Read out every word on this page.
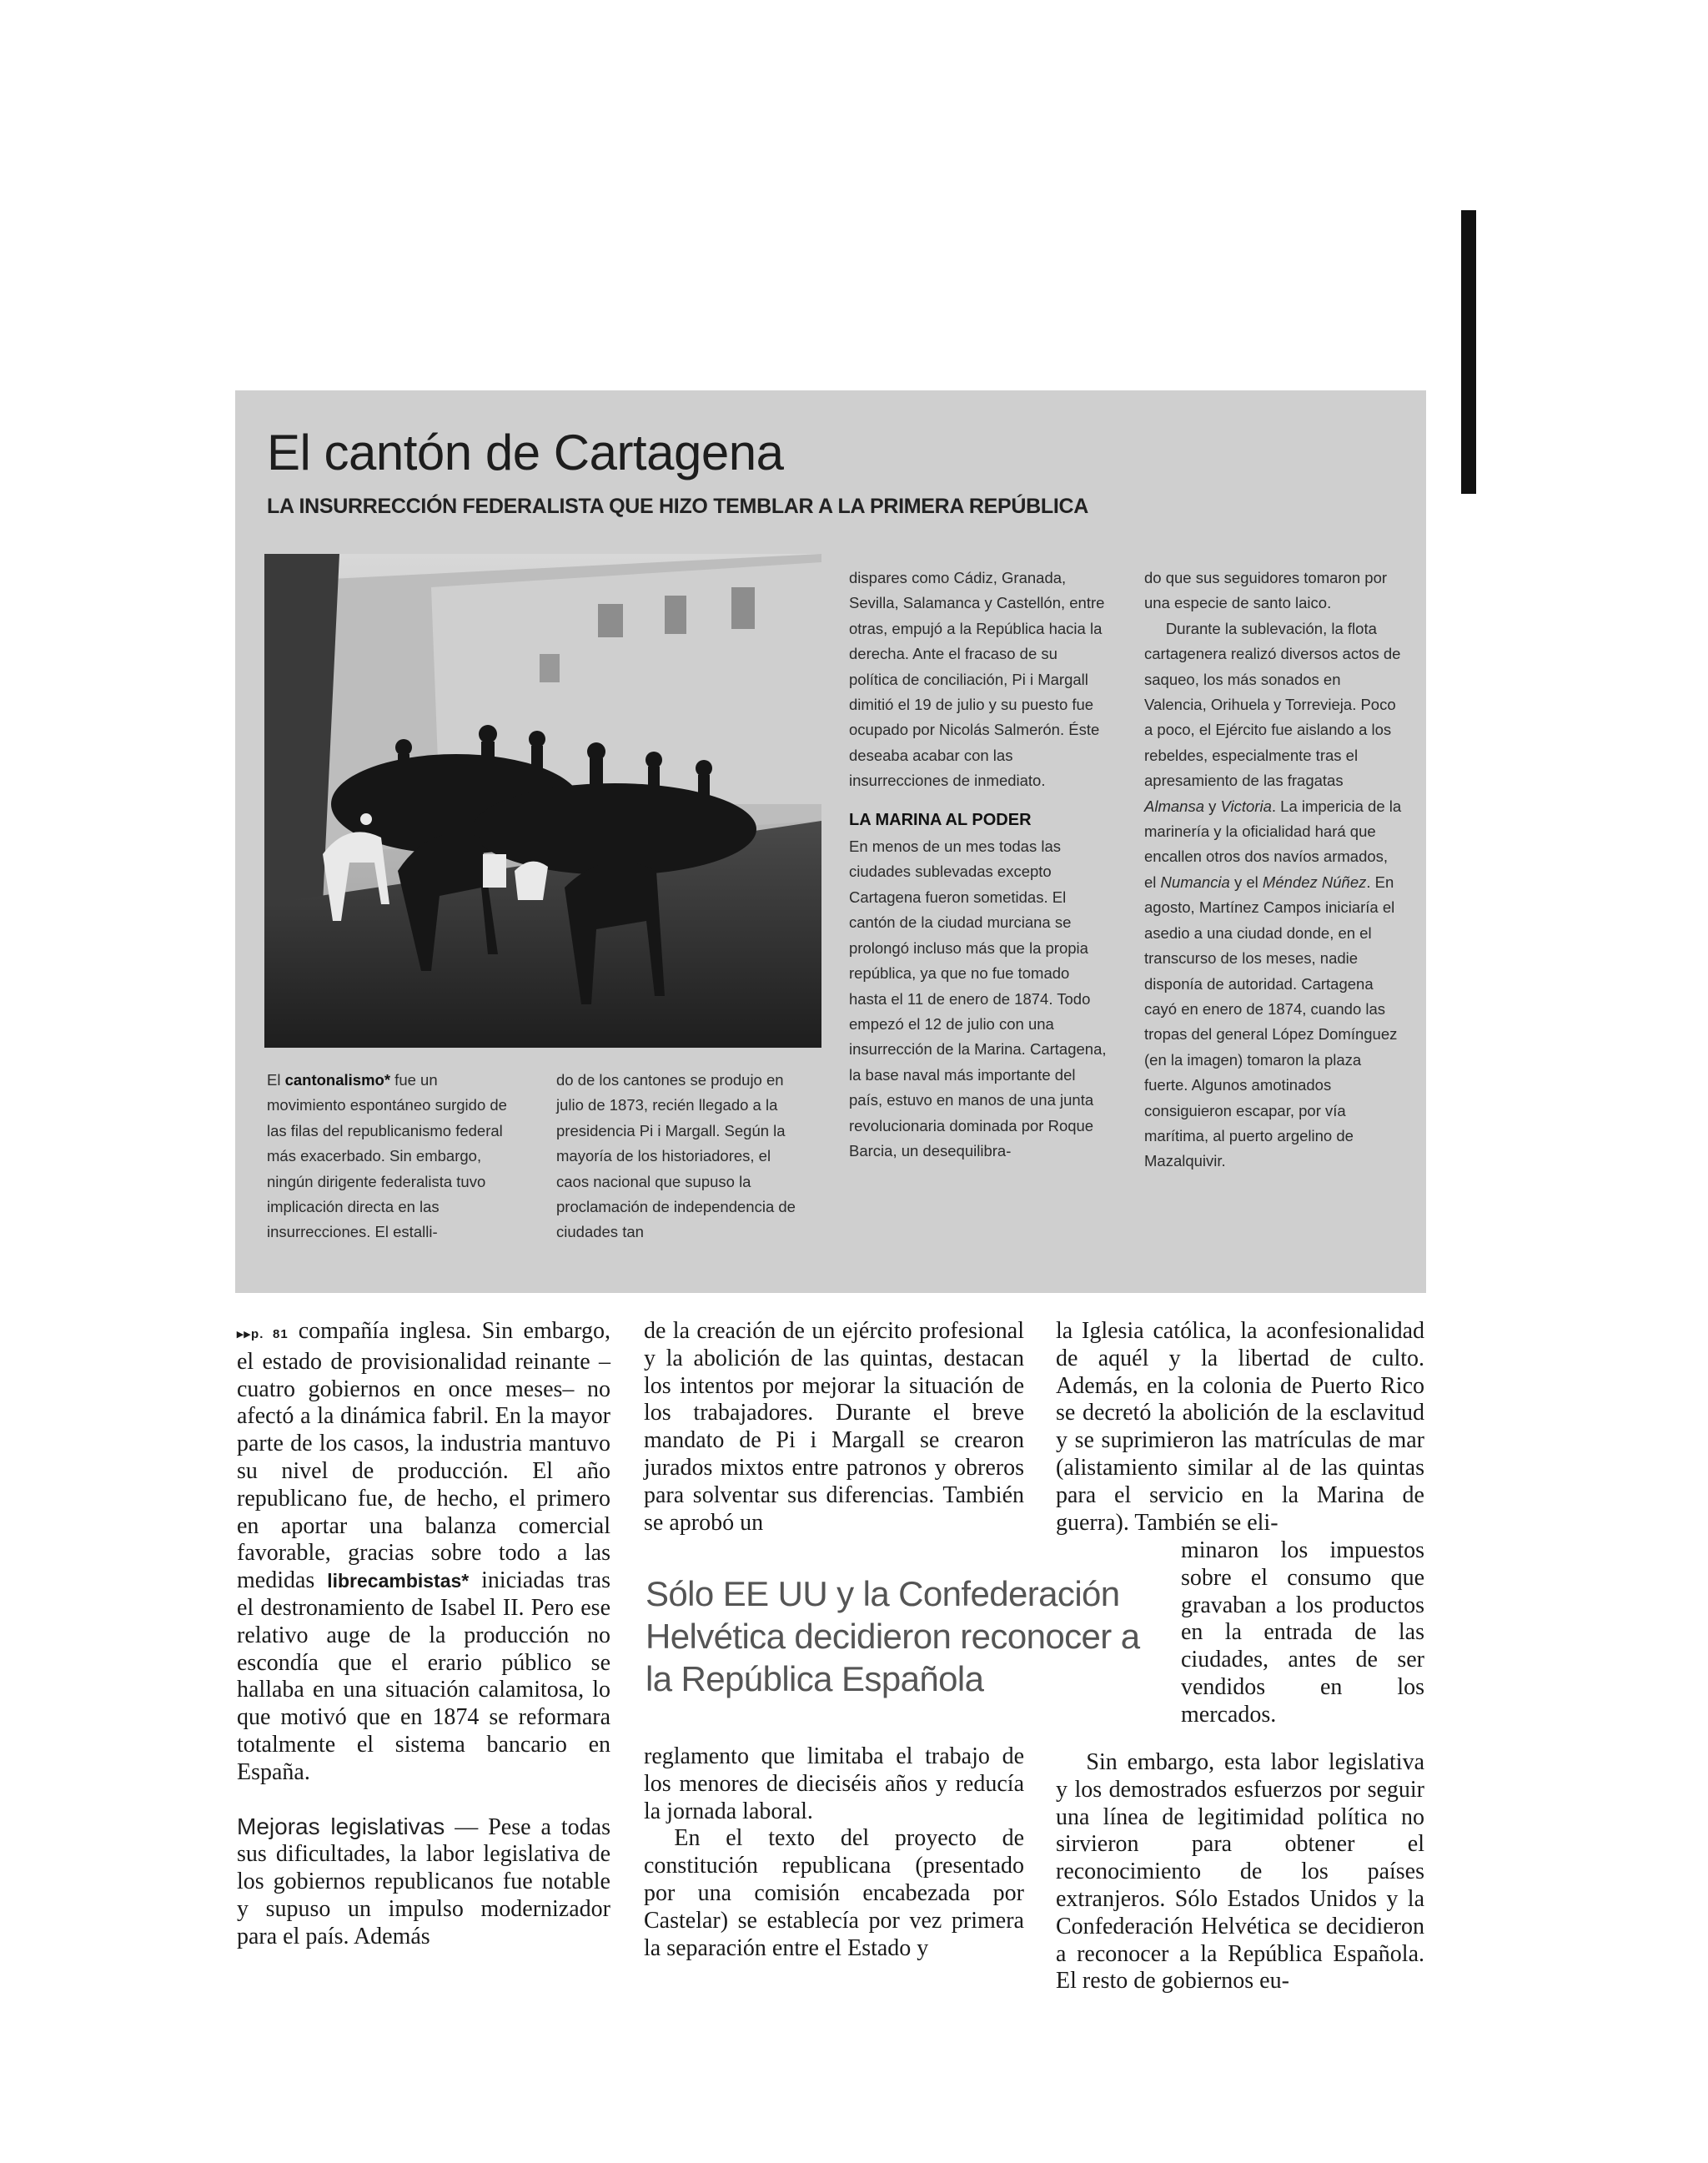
El cantón de Cartagena
LA INSURRECCIÓN FEDERALISTA QUE HIZO TEMBLAR A LA PRIMERA REPÚBLICA

El cantonalismo* fue un movimiento espontáneo surgido de las filas del republicanismo federal más exacerbado. Sin embargo, ningún dirigente federalista tuvo implicación directa en las insurrecciones. El estalli-

do de los cantones se produjo en julio de 1873, recién llegado a la presidencia Pi i Margall. Según la mayoría de los historiadores, el caos nacional que supuso la proclamación de independencia de ciudades tan

dispares como Cádiz, Granada, Sevilla, Salamanca y Castellón, entre otras, empujó a la República hacia la derecha. Ante el fracaso de su política de conciliación, Pi i Margall dimitió el 19 de julio y su puesto fue ocupado por Nicolás Salmerón. Éste deseaba acabar con las insurrecciones de inmediato.

LA MARINA AL PODER

En menos de un mes todas las ciudades sublevadas excepto Cartagena fueron sometidas. El cantón de la ciudad murciana se prolongó incluso más que la propia república, ya que no fue tomado hasta el 11 de enero de 1874. Todo empezó el 12 de julio con una insurrección de la Marina. Cartagena, la base naval más importante del país, estuvo en manos de una junta revolucionaria dominada por Roque Barcia, un desequilibra-

do que sus seguidores tomaron por una especie de santo laico.

Durante la sublevación, la flota cartagenera realizó diversos actos de saqueo, los más sonados en Valencia, Orihuela y Torrevieja. Poco a poco, el Ejército fue aislando a los rebeldes, especialmente tras el apresamiento de las fragatas Almansa y Victoria. La impericia de la marinería y la oficialidad hará que encallen otros dos navíos armados, el Numancia y el Méndez Núñez. En agosto, Martínez Campos iniciaría el asedio a una ciudad donde, en el transcurso de los meses, nadie disponía de autoridad. Cartagena cayó en enero de 1874, cuando las tropas del general López Domínguez (en la imagen) tomaron la plaza fuerte. Algunos amotinados consiguieron escapar, por vía marítima, al puerto argelino de Mazalquivir.

▸▸p. 81 compañía inglesa. Sin embargo, el estado de provisionalidad reinante –cuatro gobiernos en once meses– no afectó a la dinámica fabril. En la mayor parte de los casos, la industria mantuvo su nivel de producción. El año republicano fue, de hecho, el primero en aportar una balanza comercial favorable, gracias sobre todo a las medidas librecambistas* iniciadas tras el destronamiento de Isabel II. Pero ese relativo auge de la producción no escondía que el erario público se hallaba en una situación calamitosa, lo que motivó que en 1874 se reformara totalmente el sistema bancario en España.

Mejoras legislativas — Pese a todas sus dificultades, la labor legislativa de los gobiernos republicanos fue notable y supuso un impulso modernizador para el país. Además

de la creación de un ejército profesional y la abolición de las quintas, destacan los intentos por mejorar la situación de los trabajadores. Durante el breve mandato de Pi i Margall se crearon jurados mixtos entre patronos y obreros para solventar sus diferencias. También se aprobó un

Sólo EE UU y la Confederación Helvética decidieron reconocer a la República Española

reglamento que limitaba el trabajo de los menores de dieciséis años y reducía la jornada laboral.

En el texto del proyecto de constitución republicana (presentado por una comisión encabezada por Castelar) se establecía por vez primera la separación entre el Estado y

la Iglesia católica, la aconfesionalidad de aquél y la libertad de culto. Además, en la colonia de Puerto Rico se decretó la abolición de la esclavitud y se suprimieron las matrículas de mar (alistamiento similar al de las quintas para el servicio en la Marina de guerra). También se eli-

minaron los impuestos sobre el consumo que gravaban a los productos en la entrada de las ciudades, antes de ser vendidos en los mercados.

Sin embargo, esta labor legislativa y los demostrados esfuerzos por seguir una línea de legitimidad política no sirvieron para obtener el reconocimiento de los países extranjeros. Sólo Estados Unidos y la Confederación Helvética se decidieron a reconocer a la República Española. El resto de gobiernos eu-
